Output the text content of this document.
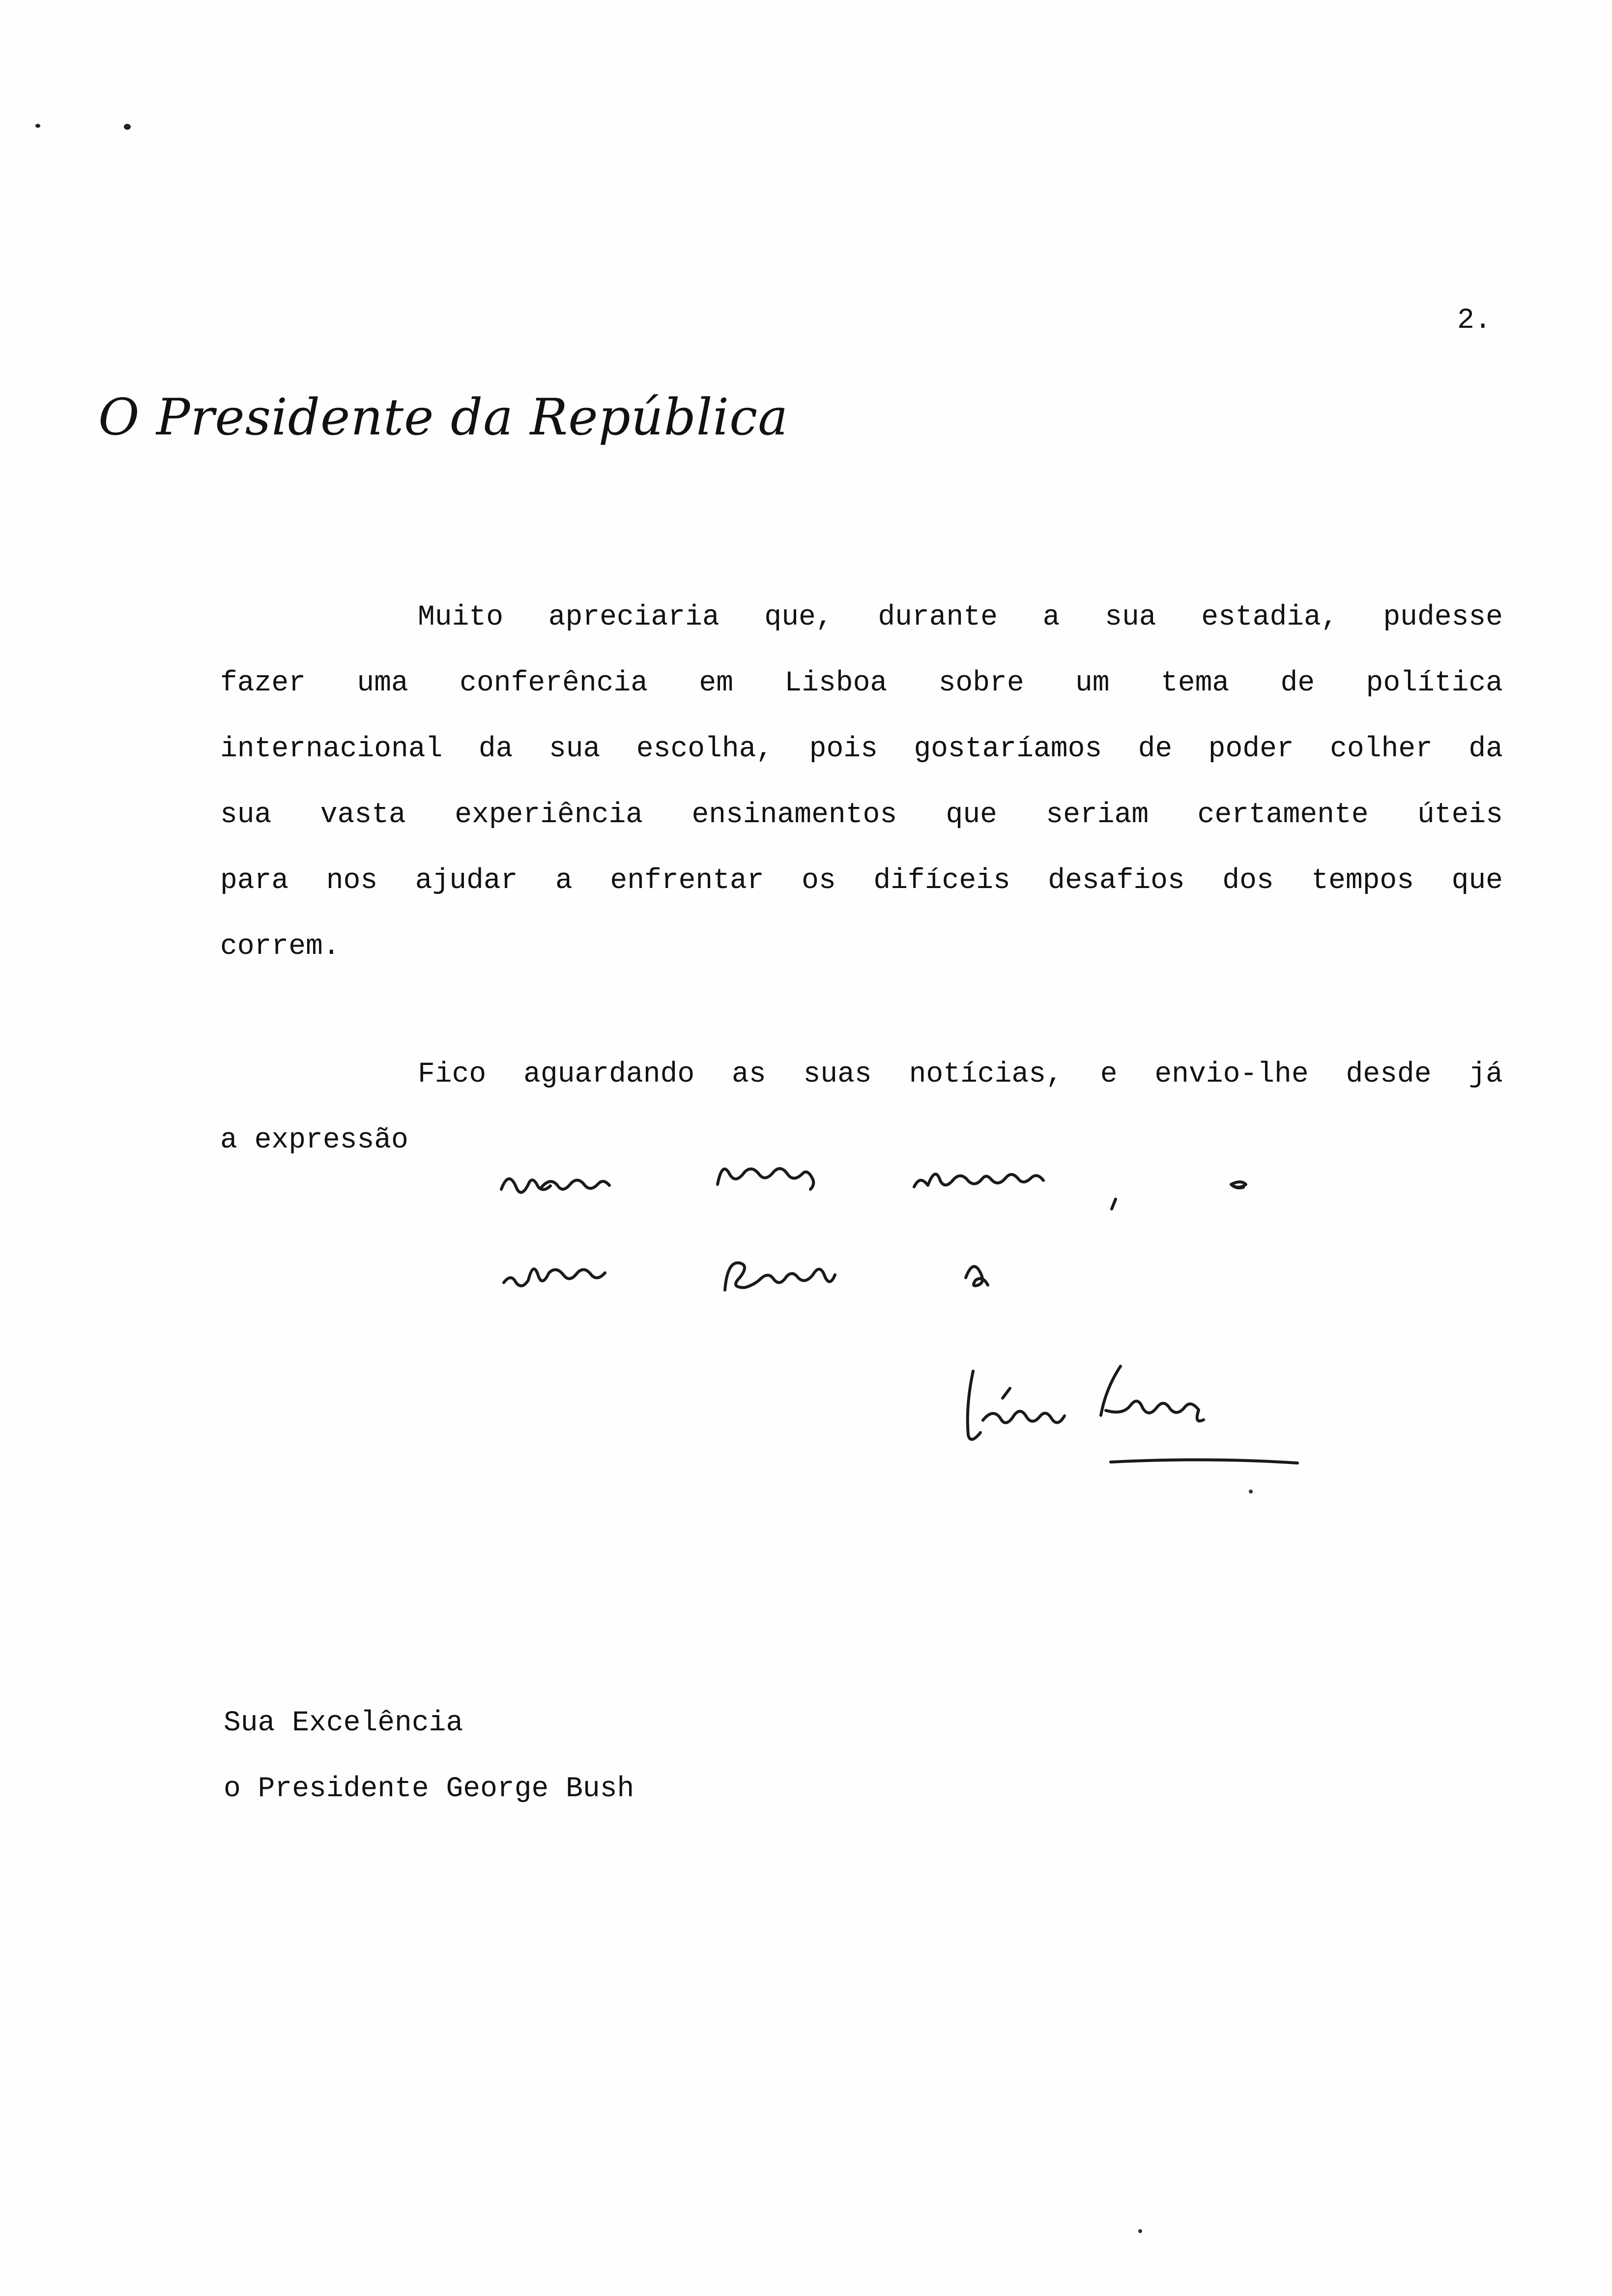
2.
O Presidente da República
Muito apreciaria que, durante a sua estadia, pudesse
fazer uma conferência em Lisboa sobre um tema de política
internacional da sua escolha, pois gostaríamos de poder colher da
sua vasta experiência ensinamentos que seriam certamente úteis
para nos ajudar a enfrentar os difíceis desafios dos tempos que
correm.
Fico aguardando as suas notícias, e envio-lhe desde já
a expressão
Sua Excelência
o Presidente George Bush
